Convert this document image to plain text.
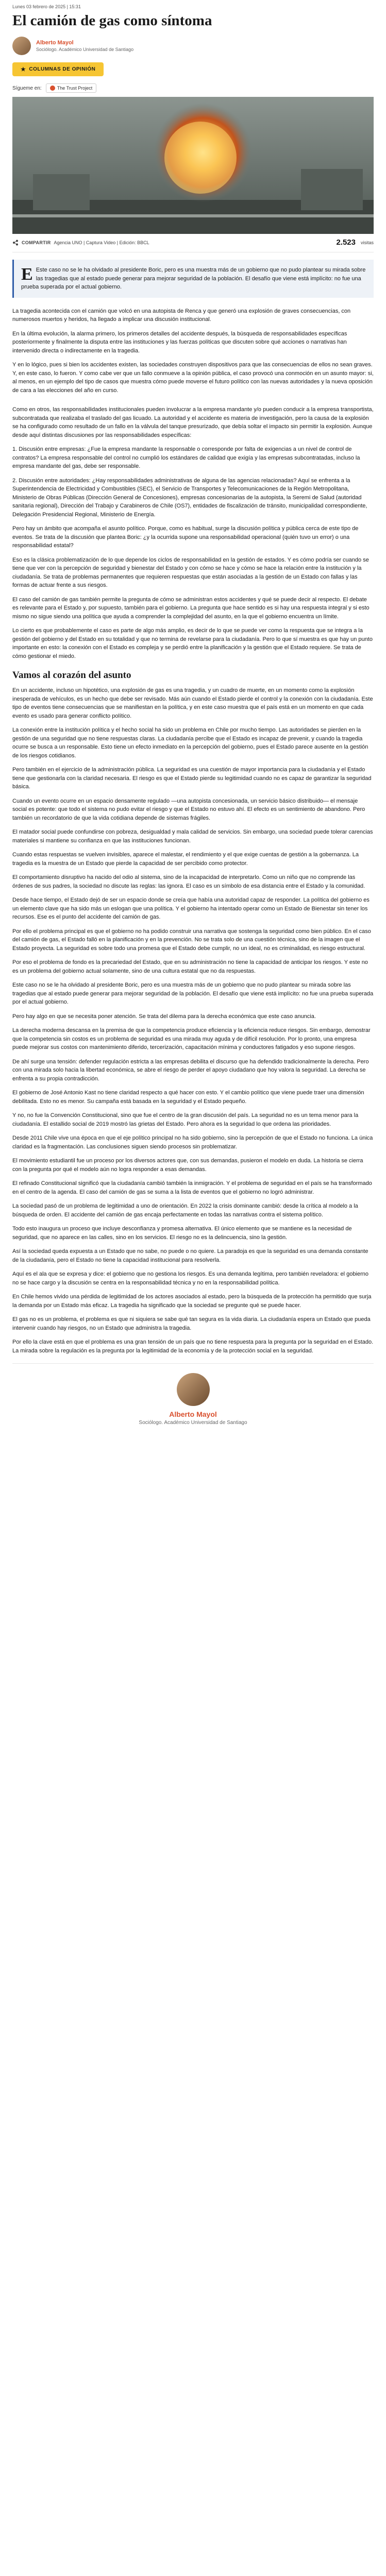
Lunes 03 febrero de 2025 | 15:31
El camión de gas como síntoma
Alberto Mayol
Sociólogo. Académico Universidad de Santiago
★ COLUMNAS DE OPINIÓN
Sígueme en:	The Trust Project
COMPARTIR Agencia UNO | Captura Video | Edición: BBCL	2.523 visitas
E Este caso no se le ha olvidado al presidente Boric, pero es una muestra más de un gobierno que no pudo plantear su mirada sobre las tragedias que al estado puede generar para mejorar seguridad de la población. El desafío que viene está implícito: no fue una prueba superada por el actual gobierno.

La tragedia acontecida con el camión que volcó en una autopista de Renca y que generó una explosión de graves consecuencias, con numerosos muertos y heridos, ha llegado a implicar una discusión institucional.

En la última evolución, la alarma primero, los primeros detalles del accidente después, la búsqueda de responsabilidades específicas posteriormente y finalmente la disputa entre las instituciones y las fuerzas políticas que discuten sobre qué acciones o narrativas han intervenido directa o indirectamente en la tragedia.

Y en lo lógico, pues si bien los accidentes existen, las sociedades construyen dispositivos para que las consecuencias de ellos no sean graves. Y, en este caso, lo fueron. Y como cabe ver que un fallo conmueve a la opinión pública, el caso provocó una conmoción en un asunto mayor: si, al menos, en un ejemplo del tipo de casos que muestra cómo puede moverse el futuro político con las nuevas autoridades y la nueva oposición de cara a las elecciones del año en curso.

Como en otros, las responsabilidades institucionales pueden involucrar a la empresa mandante y/o pueden conducir a la empresa transportista, subcontratada que realizaba el traslado del gas licuado. La autoridad y el accidente es materia de investigación, pero la causa de la explosión se ha configurado como resultado de un fallo en la válvula del tanque presurizado, que debía soltar el impacto sin permitir la explosión. Aunque desde aquí distintas discusiones por las responsabilidades específicas:

1. Discusión entre empresas: ¿Fue la empresa mandante la responsable o corresponde por falta de exigencias a un nivel de control de contratos? La empresa responsable del control no cumplió los estándares de calidad que exigía y las empresas subcontratadas, incluso la empresa mandante del gas, debe ser responsable.

2. Discusión entre autoridades: ¿Hay responsabilidades administrativas de alguna de las agencias relacionadas? Aquí se enfrenta a la Superintendencia de Electricidad y Combustibles (SEC), el Servicio de Transportes y Telecomunicaciones de la Región Metropolitana, Ministerio de Obras Públicas (Dirección General de Concesiones), empresas concesionarias de la autopista, la Seremi de Salud (autoridad sanitaria regional), Dirección del Trabajo y Carabineros de Chile (OS7), entidades de fiscalización de tránsito, municipalidad correspondiente, Delegación Presidencial Regional, Ministerio de Energía.

Pero hay un ámbito que acompaña el asunto político. Porque, como es habitual, surge la discusión política y pública cerca de este tipo de eventos. Se trata de la discusión que plantea Boric: ¿y la ocurrida supone una responsabilidad operacional (quién tuvo un error) o una responsabilidad estatal?

Eso es la clásica problematización de lo que depende los ciclos de responsabilidad en la gestión de estados. Y es cómo podría ser cuando se tiene que ver con la percepción de seguridad y bienestar del Estado y con cómo se hace y cómo se hace la relación entre la institución y la ciudadanía. Se trata de problemas permanentes que requieren respuestas que están asociadas a la gestión de un Estado con fallas y las formas de actuar frente a sus riesgos.

El caso del camión de gas también permite la pregunta de cómo se administran estos accidentes y qué se puede decir al respecto. El debate es relevante para el Estado y, por supuesto, también para el gobierno. La pregunta que hace sentido es si hay una respuesta integral y si esto mismo no sigue siendo una política que ayuda a comprender la complejidad del asunto, en la que el gobierno encuentra un límite.

Lo cierto es que probablemente el caso es parte de algo más amplio, es decir de lo que se puede ver como la respuesta que se integra a la gestión del gobierno y del Estado en su totalidad y que no termina de revelarse para la ciudadanía. Pero lo que sí muestra es que hay un punto importante en esto: la conexión con el Estado es compleja y se perdió entre la planificación y la gestión que el Estado requiere. Se trata de cómo gestionar el miedo.

Vamos al corazón del asunto

En un accidente, incluso un hipotético, una explosión de gas es una tragedia, y un cuadro de muerte, en un momento como la explosión inesperada de vehículos, es un hecho que debe ser revisado. Más aún cuando el Estado pierde el control y la conexión con la ciudadanía. Este tipo de eventos tiene consecuencias que se manifiestan en la política, y en este caso muestra que el país está en un momento en que cada evento es usado para generar conflicto político.

La conexión entre la institución política y el hecho social ha sido un problema en Chile por mucho tiempo. Las autoridades se pierden en la gestión de una seguridad que no tiene respuestas claras. La ciudadanía percibe que el Estado es incapaz de prevenir, y cuando la tragedia ocurre se busca a un responsable. Esto tiene un efecto inmediato en la percepción del gobierno, pues el Estado parece ausente en la gestión de los riesgos cotidianos.

Pero también en el ejercicio de la administración pública. La seguridad es una cuestión de mayor importancia para la ciudadanía y el Estado tiene que gestionarla con la claridad necesaria. El riesgo es que el Estado pierde su legitimidad cuando no es capaz de garantizar la seguridad básica.

Cuando un evento ocurre en un espacio densamente regulado —una autopista concesionada, un servicio básico distribuido— el mensaje social es potente: que todo el sistema no pudo evitar el riesgo y que el Estado no estuvo ahí. El efecto es un sentimiento de abandono. Pero también un recordatorio de que la vida cotidiana depende de sistemas frágiles.

El matador social puede confundirse con pobreza, desigualdad y mala calidad de servicios. Sin embargo, una sociedad puede tolerar carencias materiales si mantiene su confianza en que las instituciones funcionan.

Cuando estas respuestas se vuelven invisibles, aparece el malestar, el rendimiento y el que exige cuentas de gestión a la gobernanza. La tragedia es la muestra de un Estado que pierde la capacidad de ser percibido como protector.

El comportamiento disruptivo ha nacido del odio al sistema, sino de la incapacidad de interpretarlo. Como un niño que no comprende las órdenes de sus padres, la sociedad no discute las reglas: las ignora. El caso es un símbolo de esa distancia entre el Estado y la comunidad.

Desde hace tiempo, el Estado dejó de ser un espacio donde se creía que había una autoridad capaz de responder. La política del gobierno es un elemento clave que ha sido más un eslogan que una política. Y el gobierno ha intentado operar como un Estado de Bienestar sin tener los recursos. Ese es el punto del accidente del camión de gas.

Por ello el problema principal es que el gobierno no ha podido construir una narrativa que sostenga la seguridad como bien público. En el caso del camión de gas, el Estado falló en la planificación y en la prevención. No se trata solo de una cuestión técnica, sino de la imagen que el Estado proyecta. La seguridad es sobre todo una promesa que el Estado debe cumplir, no un ideal, no es criminalidad, es riesgo estructural.

Por eso el problema de fondo es la precariedad del Estado, que en su administración no tiene la capacidad de anticipar los riesgos. Y este no es un problema del gobierno actual solamente, sino de una cultura estatal que no da respuestas.

Este caso no se le ha olvidado al presidente Boric, pero es una muestra más de un gobierno que no pudo plantear su mirada sobre las tragedias que al estado puede generar para mejorar seguridad de la población. El desafío que viene está implícito: no fue una prueba superada por el actual gobierno.

Pero hay algo en que se necesita poner atención. Se trata del dilema para la derecha económica que este caso anuncia.

La derecha moderna descansa en la premisa de que la competencia produce eficiencia y la eficiencia reduce riesgos. Sin embargo, demostrar que la competencia sin costos es un problema de seguridad es una mirada muy aguda y de difícil resolución. Por lo pronto, una empresa puede mejorar sus costos con mantenimiento diferido, tercerización, capacitación mínima y conductores fatigados y eso supone riesgos.

De ahí surge una tensión: defender regulación estricta a las empresas debilita el discurso que ha defendido tradicionalmente la derecha. Pero con una mirada solo hacia la libertad económica, se abre el riesgo de perder el apoyo ciudadano que hoy valora la seguridad. La derecha se enfrenta a su propia contradicción.

El gobierno de José Antonio Kast no tiene claridad respecto a qué hacer con esto. Y el cambio político que viene puede traer una dimensión debilitada. Esto no es menor. Su campaña está basada en la seguridad y el Estado pequeño.

Y no, no fue la Convención Constitucional, sino que fue el centro de la gran discusión del país. La seguridad no es un tema menor para la ciudadanía. El estallido social de 2019 mostró las grietas del Estado. Pero ahora es la seguridad lo que ordena las prioridades.

Desde 2011 Chile vive una época en que el eje político principal no ha sido gobierno, sino la percepción de que el Estado no funciona. La única claridad es la fragmentación. Las conclusiones siguen siendo procesos sin problematizar.

El movimiento estudiantil fue un proceso por los diversos actores que, con sus demandas, pusieron el modelo en duda. La historia se cierra con la pregunta por qué el modelo aún no logra responder a esas demandas.

El refinado Constitucional significó que la ciudadanía cambió también la inmigración. Y el problema de seguridad en el país se ha transformado en el centro de la agenda. El caso del camión de gas se suma a la lista de eventos que el gobierno no logró administrar.

La sociedad pasó de un problema de legitimidad a uno de orientación. En 2022 la crisis dominante cambió: desde la crítica al modelo a la búsqueda de orden. El accidente del camión de gas encaja perfectamente en todas las narrativas contra el sistema político.

Todo esto inaugura un proceso que incluye desconfianza y promesa alternativa. El único elemento que se mantiene es la necesidad de seguridad, que no aparece en las calles, sino en los servicios. El riesgo no es la delincuencia, sino la gestión.

Así la sociedad queda expuesta a un Estado que no sabe, no puede o no quiere. La paradoja es que la seguridad es una demanda constante de la ciudadanía, pero el Estado no tiene la capacidad institucional para resolverla.

Aquí es el ala que se expresa y dice: el gobierno que no gestiona los riesgos. Es una demanda legítima, pero también reveladora: el gobierno no se hace cargo y la discusión se centra en la responsabilidad técnica y no en la responsabilidad política.

En Chile hemos vivido una pérdida de legitimidad de los actores asociados al estado, pero la búsqueda de la protección ha permitido que surja la demanda por un Estado más eficaz. La tragedia ha significado que la sociedad se pregunte qué se puede hacer.

El gas no es un problema, el problema es que ni siquiera se sabe qué tan segura es la vida diaria. La ciudadanía espera un Estado que pueda intervenir cuando hay riesgos, no un Estado que administra la tragedia.

Por ello la clave está en que el problema es una gran tensión de un país que no tiene respuesta para la pregunta por la seguridad en el Estado. La mirada sobre la regulación es la pregunta por la legitimidad de la economía y de la protección social en la seguridad.

Alberto Mayol
Sociólogo. Académico Universidad de Santiago
